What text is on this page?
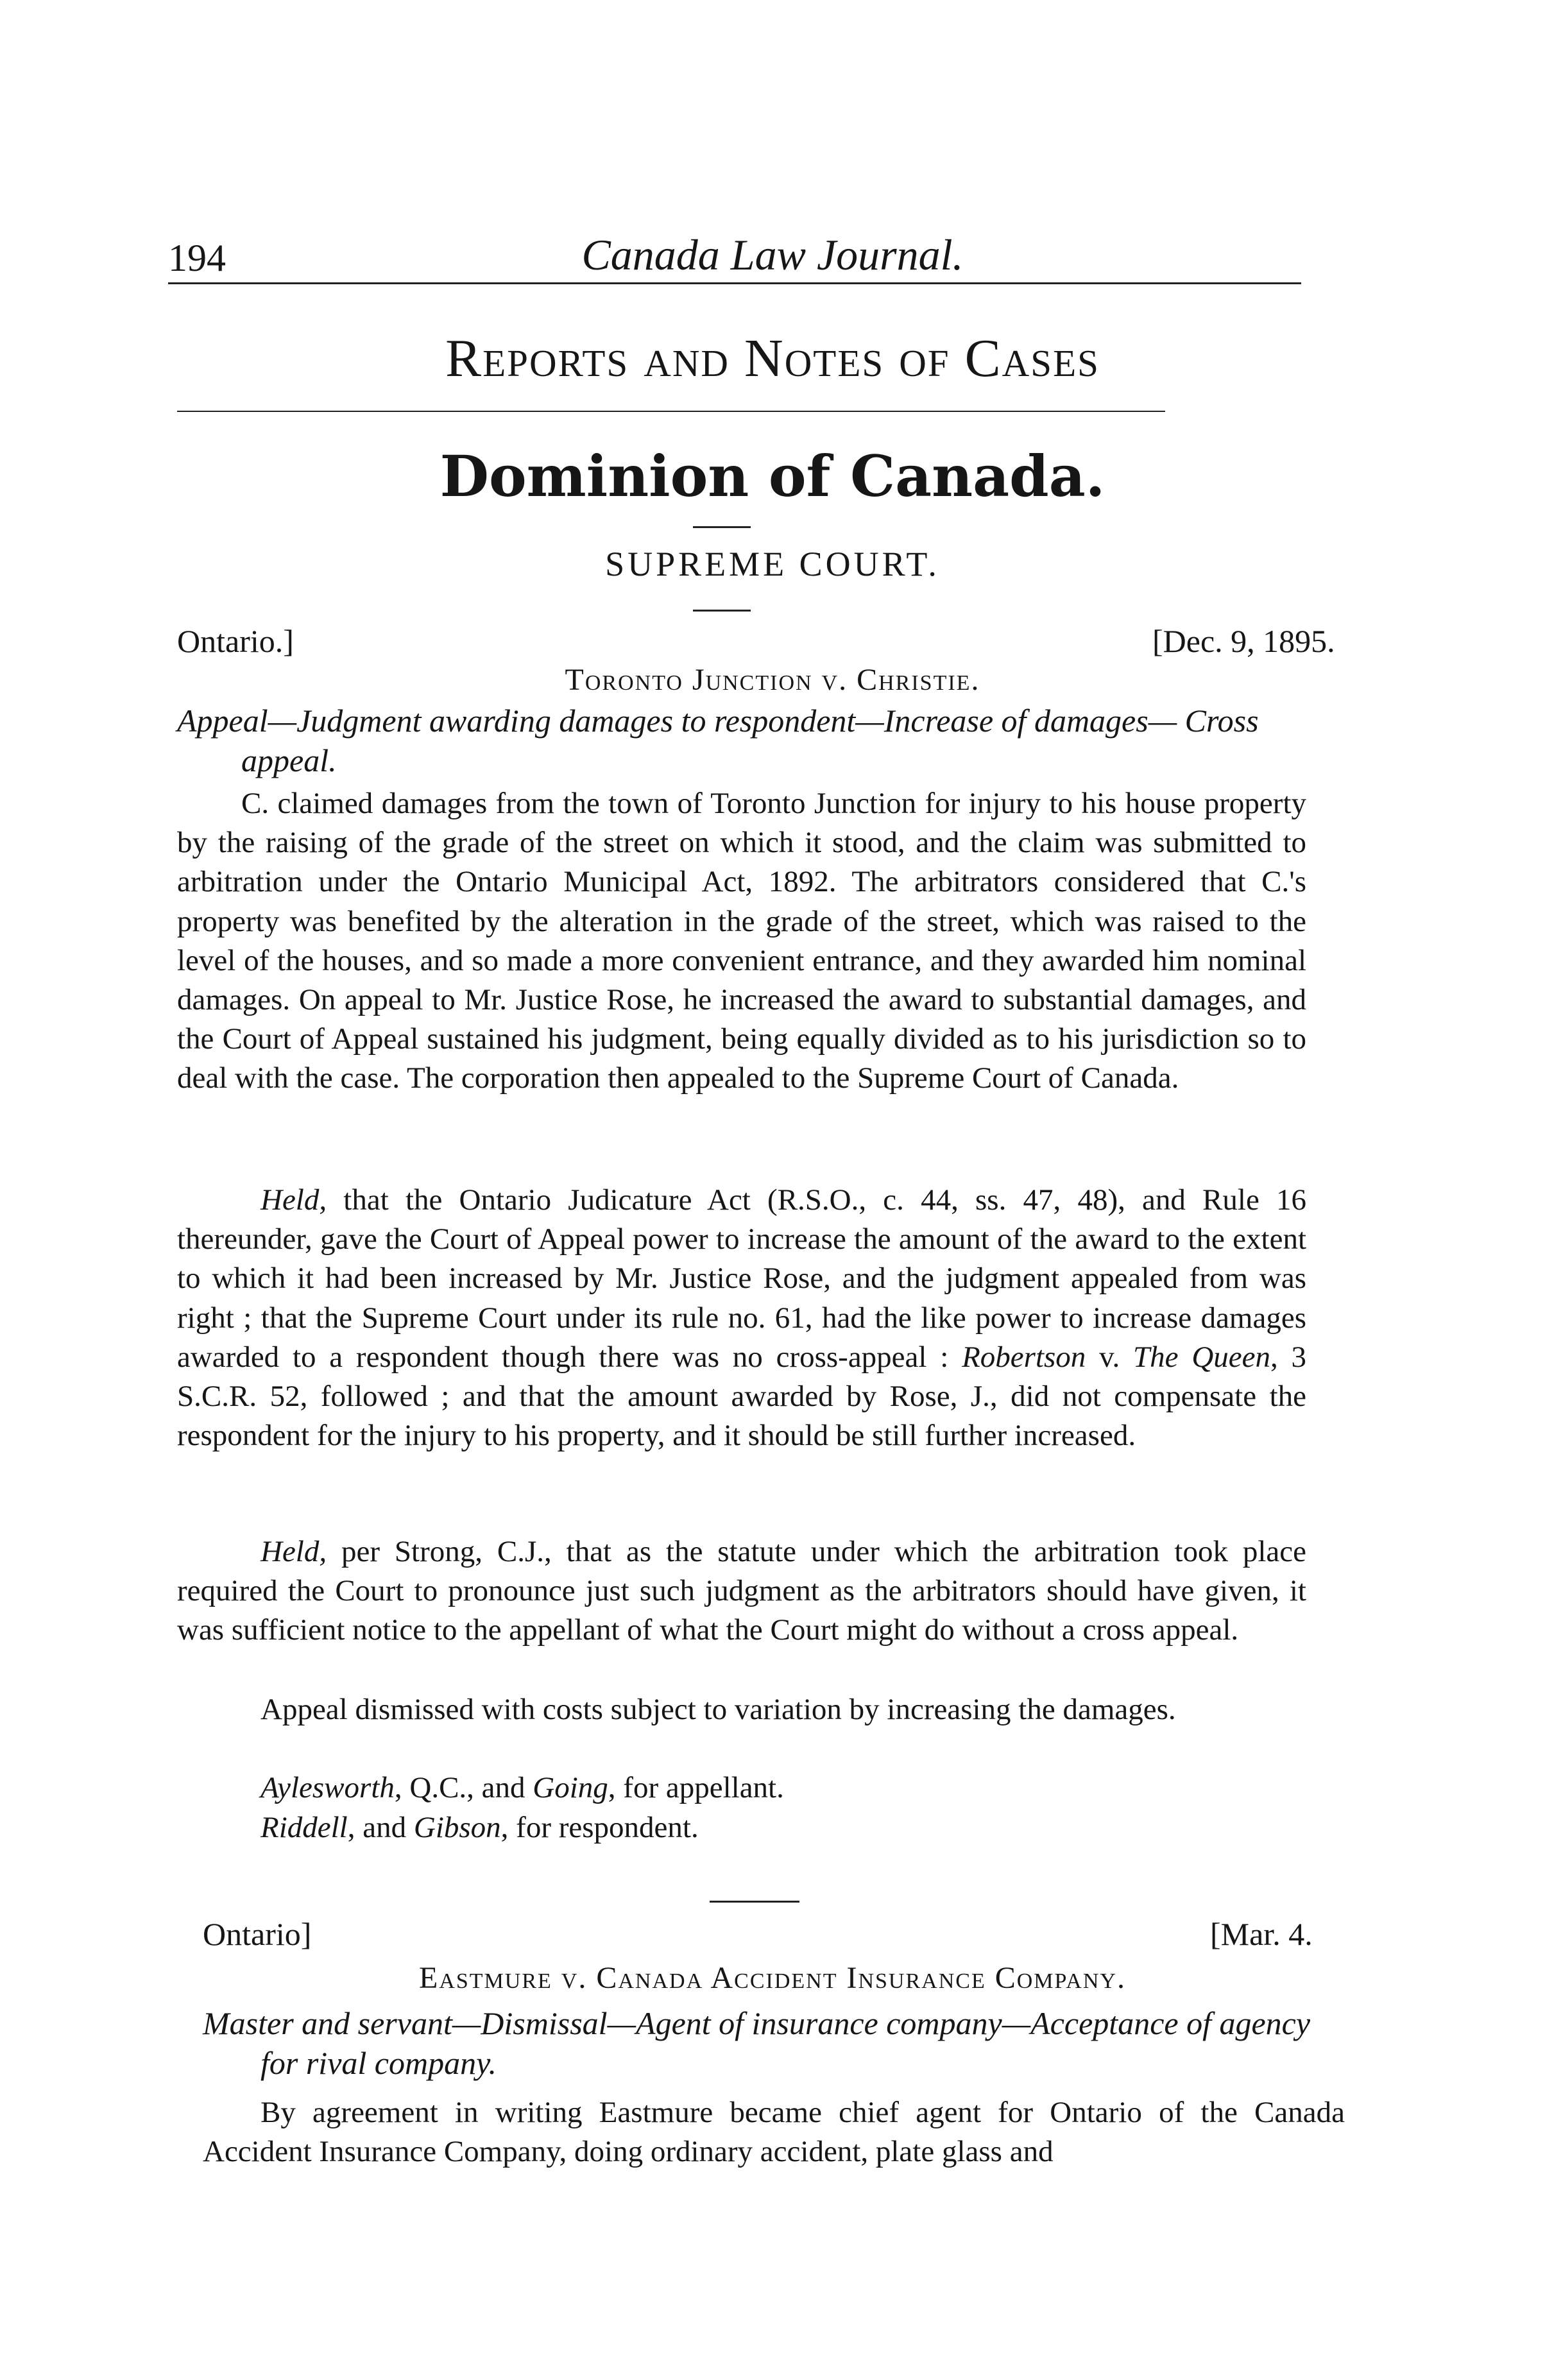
194	Canada Law Journal.
Reports and Notes of Cases
Dominion of Canada.
SUPREME COURT.
Ontario.]	[Dec. 9, 1895.
Toronto Junction v. Christie.
Appeal—Judgment awarding damages to respondent—Increase of damages— Cross appeal.
C. claimed damages from the town of Toronto Junction for injury to his house property by the raising of the grade of the street on which it stood, and the claim was submitted to arbitration under the Ontario Municipal Act, 1892. The arbitrators considered that C.'s property was benefited by the alteration in the grade of the street, which was raised to the level of the houses, and so made a more convenient entrance, and they awarded him nominal damages. On appeal to Mr. Justice Rose, he increased the award to substantial damages, and the Court of Appeal sustained his judgment, being equally divided as to his jurisdiction so to deal with the case. The corporation then appealed to the Supreme Court of Canada.
Held, that the Ontario Judicature Act (R.S.O., c. 44, ss. 47, 48), and Rule 16 thereunder, gave the Court of Appeal power to increase the amount of the award to the extent to which it had been increased by Mr. Justice Rose, and the judgment appealed from was right ; that the Supreme Court under its rule no. 61, had the like power to increase damages awarded to a respondent though there was no cross-appeal : Robertson v. The Queen, 3 S.C.R. 52, followed ; and that the amount awarded by Rose, J., did not compensate the respondent for the injury to his property, and it should be still further increased.
Held, per Strong, C.J., that as the statute under which the arbitration took place required the Court to pronounce just such judgment as the arbitrators should have given, it was sufficient notice to the appellant of what the Court might do without a cross appeal.
Appeal dismissed with costs subject to variation by increasing the damages.
Aylesworth, Q.C., and Going, for appellant.
Riddell, and Gibson, for respondent.
Ontario]	[Mar. 4.
Eastmure v. Canada Accident Insurance Company.
Master and servant—Dismissal—Agent of insurance company—Acceptance of agency for rival company.
By agreement in writing Eastmure became chief agent for Ontario of the Canada Accident Insurance Company, doing ordinary accident, plate glass and
